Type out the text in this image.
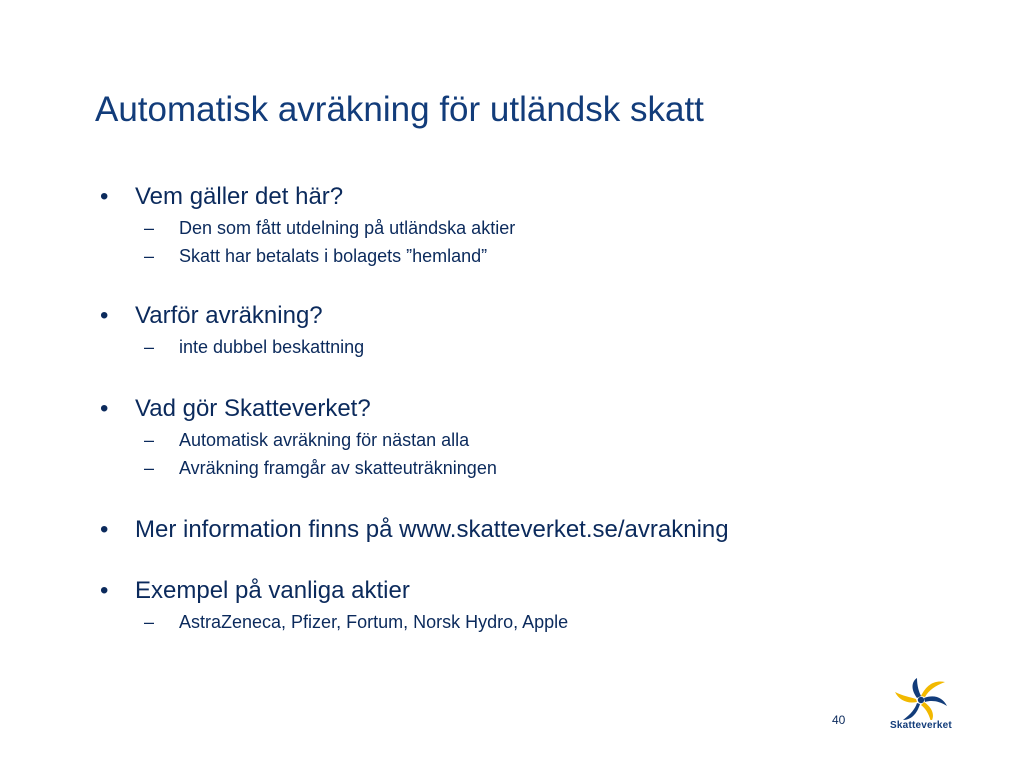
Automatisk avräkning för utländsk skatt
• Vem gäller det här?
– Den som fått utdelning på utländska aktier
– Skatt har betalats i bolagets ”hemland”
• Varför avräkning?
– inte dubbel beskattning
• Vad gör Skatteverket?
– Automatisk avräkning för nästan alla
– Avräkning framgår av skatteuträkningen
• Mer information finns på www.skatteverket.se/avrakning
• Exempel på vanliga aktier
– AstraZeneca, Pfizer, Fortum, Norsk Hydro, Apple
40	Skatteverket
